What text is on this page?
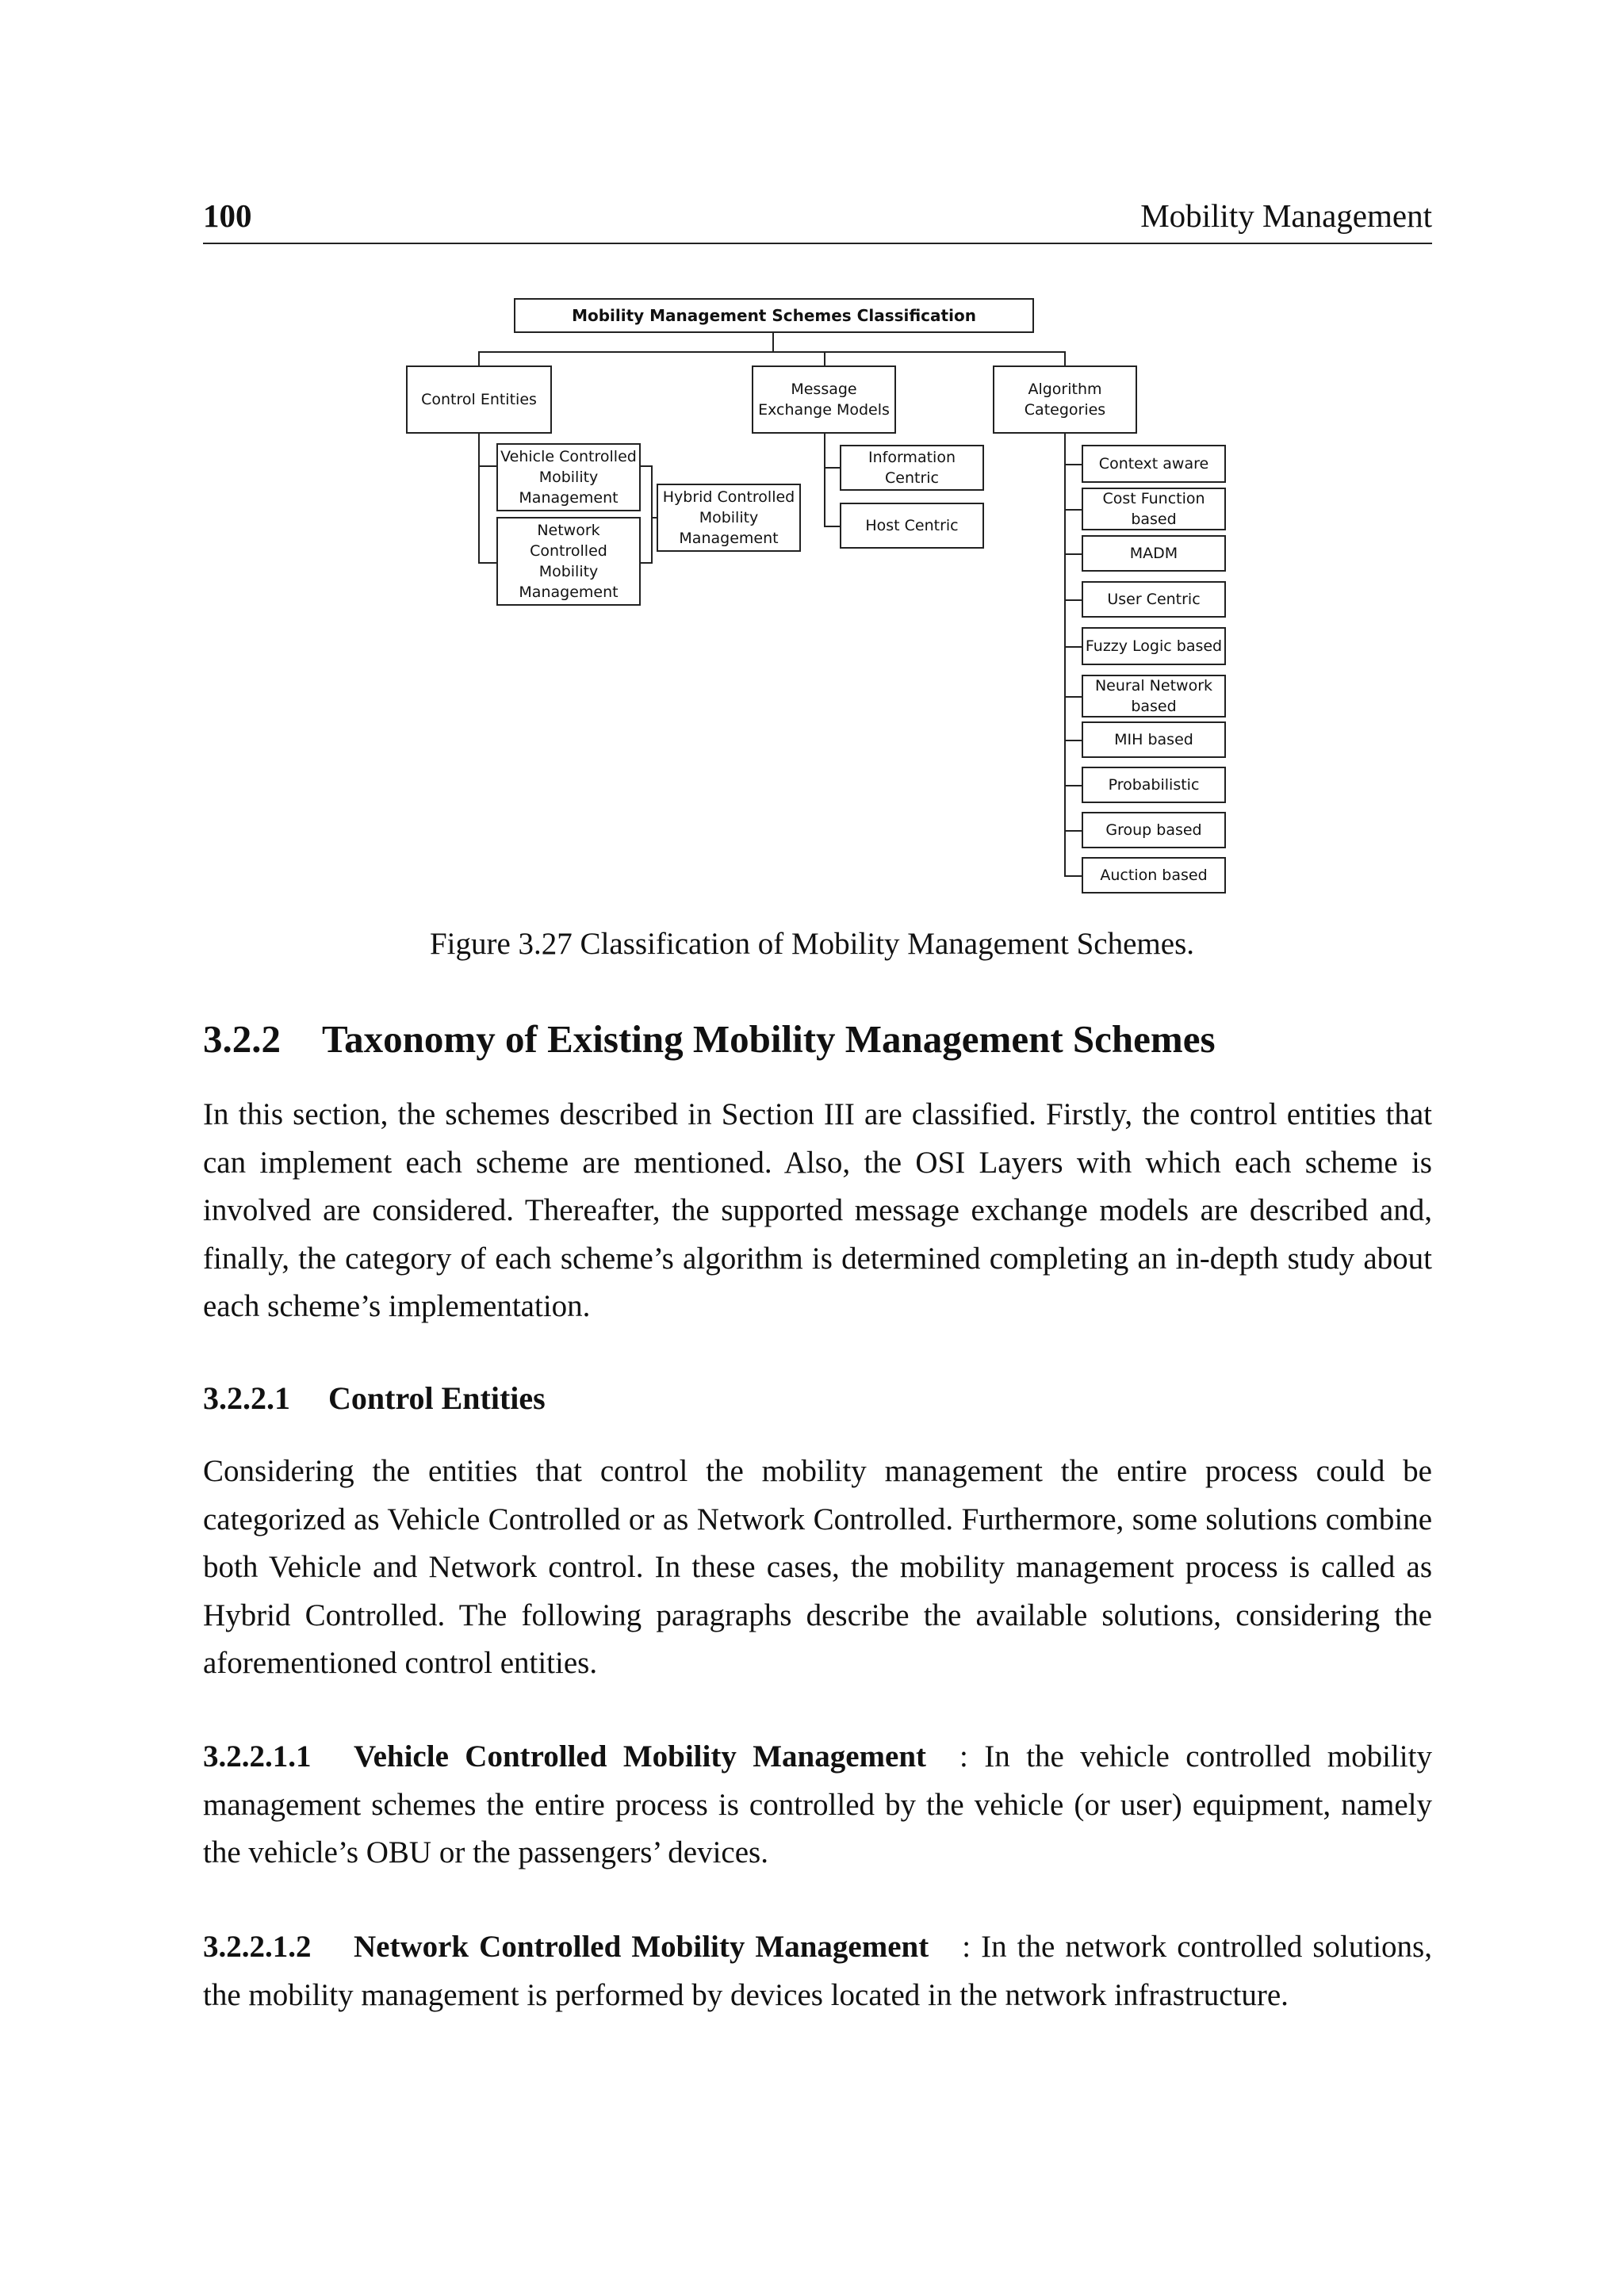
100	Mobility Management
Mobility Management Schemes Classification
Control Entities
Message
Exchange Models
Algorithm
Categories
Vehicle Controlled
Mobility
Management
Network
Controlled
Mobility
Management
Hybrid Controlled
Mobility
Management
Information
Centric
Host Centric
Context aware
Cost Function
based
MADM
User Centric
Fuzzy Logic based
Neural Network
based
MIH based
Probabilistic
Group based
Auction based
Figure 3.27 Classification of Mobility Management Schemes.
3.2.2 Taxonomy of Existing Mobility Management Schemes

In this section, the schemes described in Section III are classified. Firstly, the control entities that can implement each scheme are mentioned. Also, the OSI Layers with which each scheme is involved are considered. Thereafter, the supported message exchange models are described and, finally, the category of each scheme’s algorithm is determined completing an in-depth study about each scheme’s implementation.

3.2.2.1 Control Entities

Considering the entities that control the mobility management the entire process could be categorized as Vehicle Controlled or as Network Controlled. Furthermore, some solutions combine both Vehicle and Network control. In these cases, the mobility management process is called as Hybrid Controlled. The following paragraphs describe the available solutions, considering the aforementioned control entities.

3.2.2.1.1 Vehicle Controlled Mobility Management : In the vehicle controlled mobility management schemes the entire process is controlled by the vehicle (or user) equipment, namely the vehicle’s OBU or the passengers’ devices.

3.2.2.1.2 Network Controlled Mobility Management : In the network controlled solutions, the mobility management is performed by devices located in the network infrastructure.
